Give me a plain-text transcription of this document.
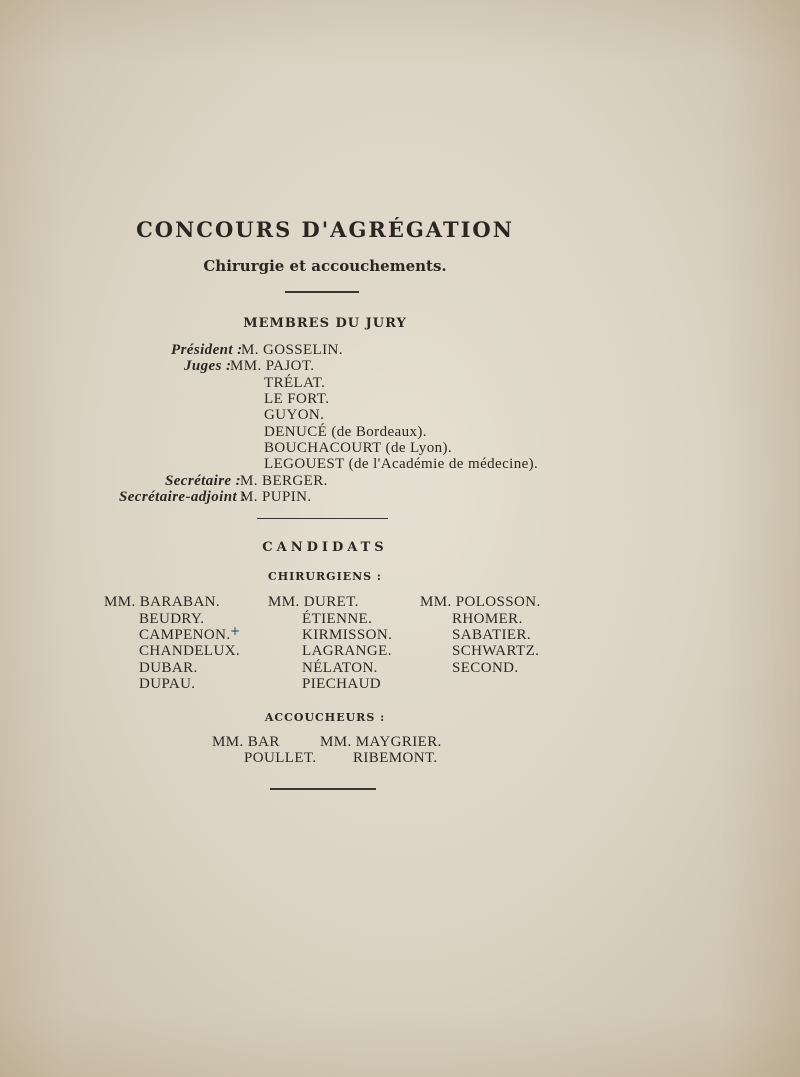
CONCOURS D'AGRÉGATION
Chirurgie et accouchements.
MEMBRES DU JURY
Président :
M. GOSSELIN.
Juges :
MM. PAJOT.
TRÉLAT.
LE FORT.
GUYON.
DENUCÉ (de Bordeaux).
BOUCHACOURT (de Lyon).
LEGOUEST (de l'Académie de médecine).
Secrétaire :
M. BERGER.
Secrétaire-adjoint :
M. PUPIN.
CANDIDATS
CHIRURGIENS :
MM. BARABAN.
BEUDRY.
CAMPENON. +
CHANDELUX.
DUBAR.
DUPAU.
MM. DURET.
ÉTIENNE.
KIRMISSON.
LAGRANGE.
NÉLATON.
PIECHAUD
MM. POLOSSON.
RHOMER.
SABATIER.
SCHWARTZ.
SECOND.
ACCOUCHEURS :
MM. BAR
POULLET.
MM. MAYGRIER.
RIBEMONT.
